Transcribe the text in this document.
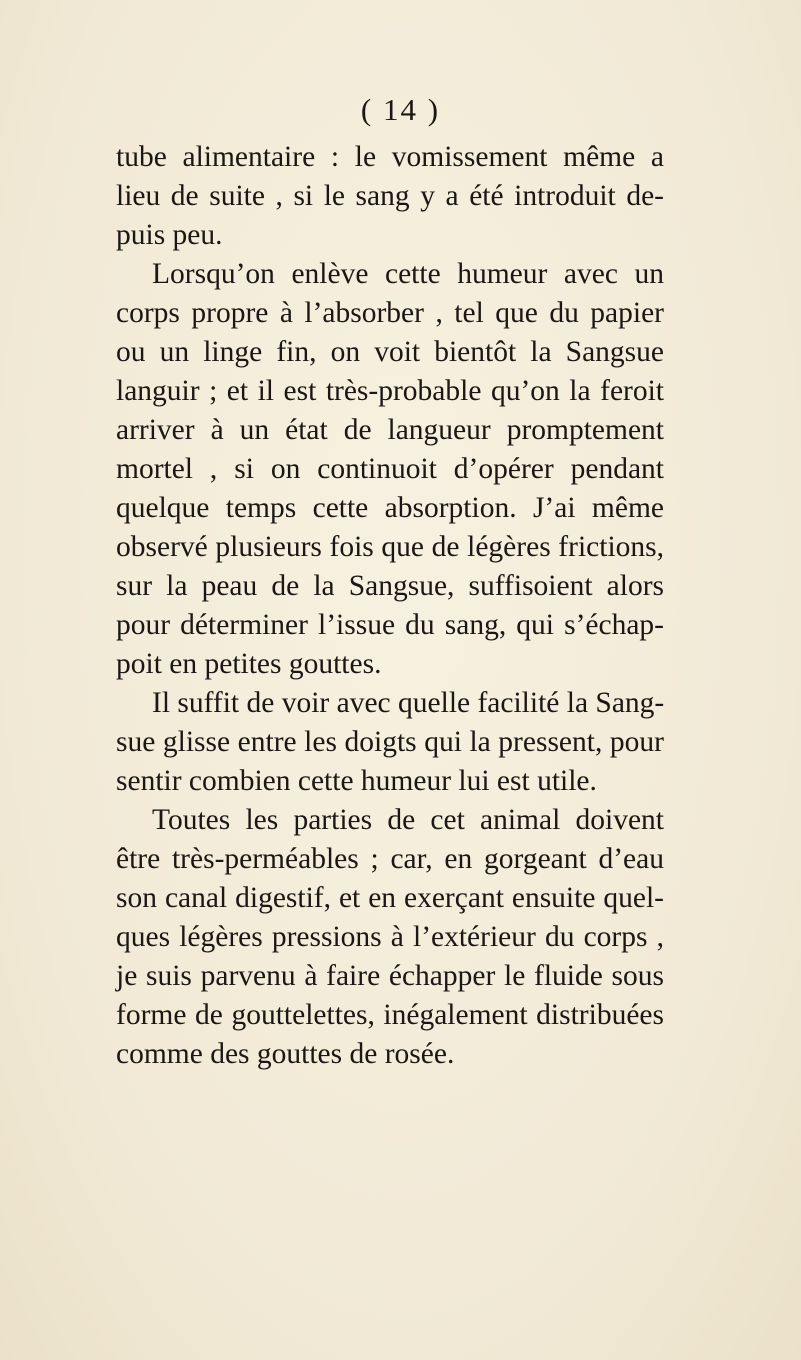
( 14 )

tube alimentaire : le vomissement même a
lieu de suite , si le sang y a été introduit de-
puis peu.

Lorsqu’on enlève cette humeur avec un
corps propre à l’absorber , tel que du papier
ou un linge fin, on voit bientôt la Sangsue
languir ; et il est très-probable qu’on la feroit
arriver à un état de langueur promptement
mortel , si on continuoit d’opérer pendant
quelque temps cette absorption. J’ai même
observé plusieurs fois que de légères frictions,
sur la peau de la Sangsue, suffisoient alors
pour déterminer l’issue du sang, qui s’échap-
poit en petites gouttes.

Il suffit de voir avec quelle facilité la Sang-
sue glisse entre les doigts qui la pressent, pour
sentir combien cette humeur lui est utile.

Toutes les parties de cet animal doivent
être très-perméables ; car, en gorgeant d’eau
son canal digestif, et en exerçant ensuite quel-
ques légères pressions à l’extérieur du corps ,
je suis parvenu à faire échapper le fluide sous
forme de gouttelettes, inégalement distribuées
comme des gouttes de rosée.
